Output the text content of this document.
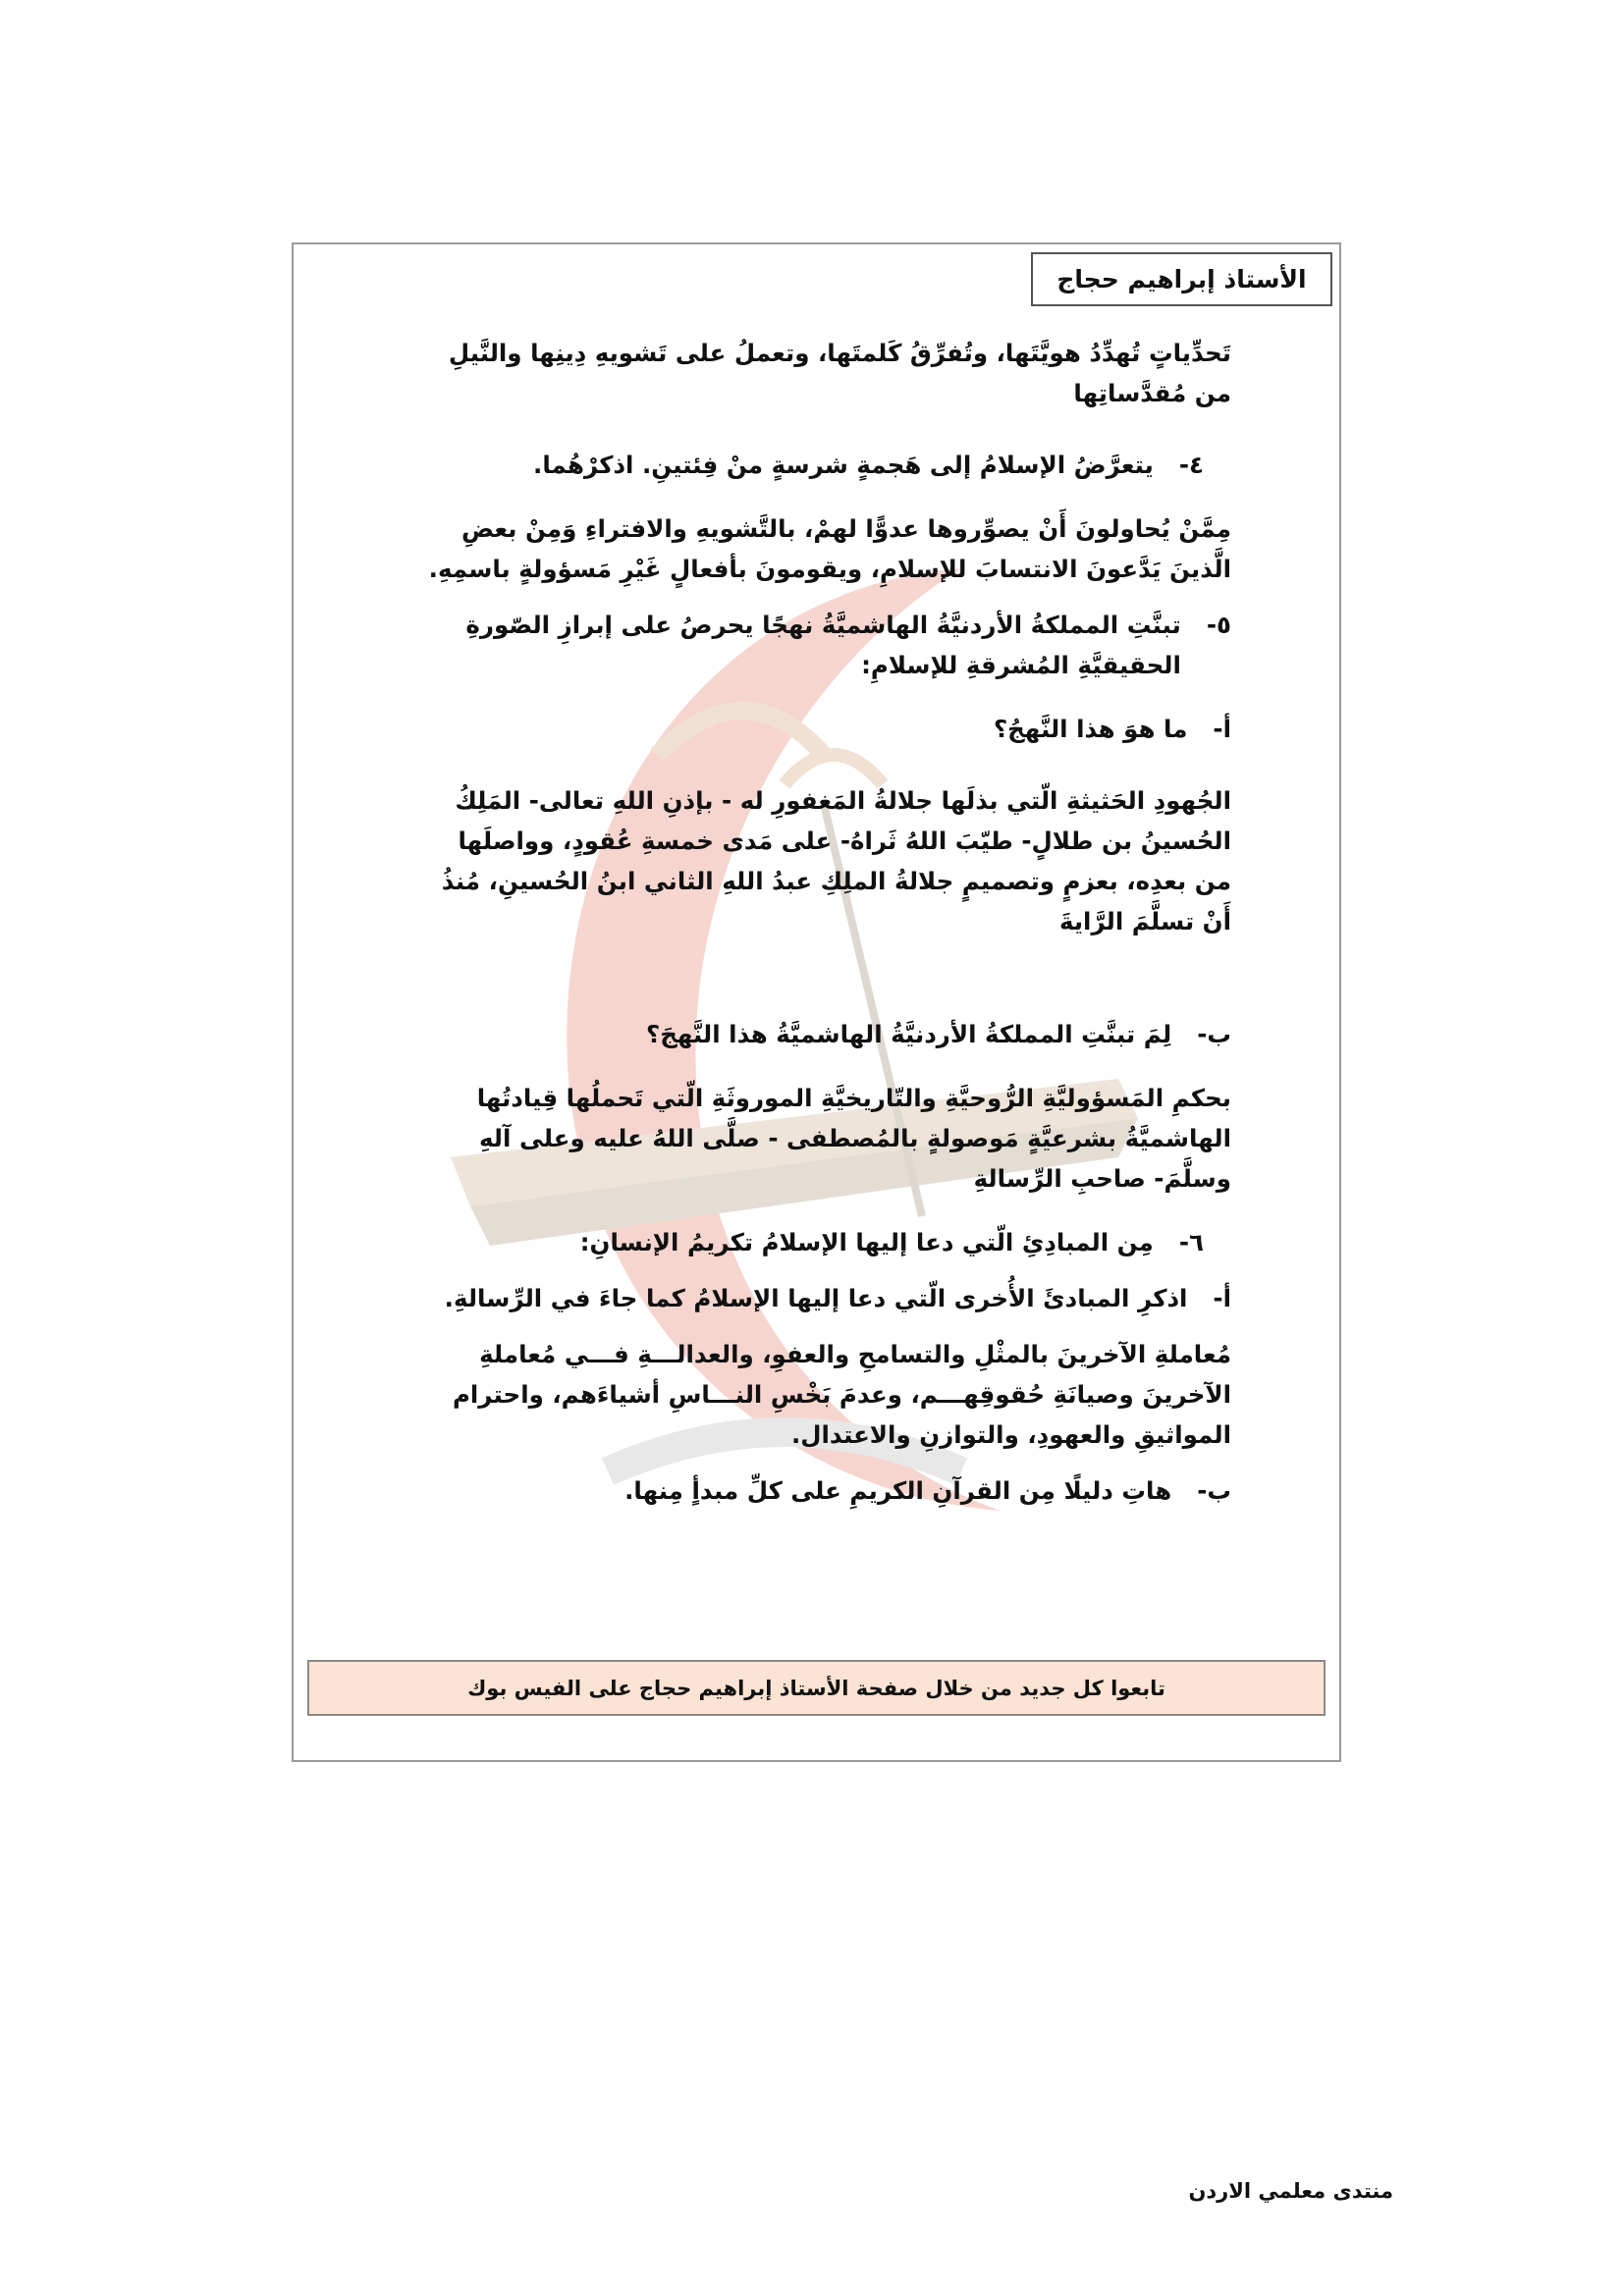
الأستاذ إبراهيم حجاج

تَحدِّياتٍ تُهدِّدُ هويَّتَها، وتُفرِّقُ كَلمتَها، وتعملُ على تَشويهِ دِينِها والنَّيلِ من مُقدَّساتِها

٤-
يتعرَّضُ الإسلامُ إلى هَجمةٍ شرسةٍ منْ فِئتينِ. اذكرْهُما.

مِمَّنْ يُحاولونَ أَنْ يصوِّروها عدوًّا لهمْ، بالتَّشويهِ والافتراءِ وَمِنْ بعضِ الَّذينَ يَدَّعونَ الانتسابَ للإسلامِ، ويقومونَ بأفعالٍ غَيْرِ مَسؤولةٍ باسمِهِ.

٥-
تبنَّتِ المملكةُ الأردنيَّةُ الهاشميَّةُ نهجًا يحرصُ على إبرازِ الصّورةِ الحقيقيَّةِ المُشرقةِ للإسلامِ:

أ-
ما هوَ هذا النَّهجُ؟

الجُهودِ الحَثيثةِ الّتي بذلَها جلالةُ المَغفورِ له - بإذنِ اللهِ تعالى- المَلِكُ الحُسينُ بن طلالٍ- طيّبَ اللهُ ثَراهُ- على مَدى خمسةِ عُقودٍ، وواصلَها من بعدِه، بعزمٍ وتصميمٍ جلالةُ الملِكِ عبدُ اللهِ الثاني ابنُ الحُسينِ، مُنذُ أَنْ تسلَّمَ الرَّايةَ

ب-
لِمَ تبنَّتِ المملكةُ الأردنيَّةُ الهاشميَّةُ هذا النَّهجَ؟

بحكمِ المَسؤوليَّةِ الرُّوحيَّةِ والتّاريخيَّةِ الموروثَةِ الّتي تَحملُها قِيادتُها الهاشميَّةُ بشرعيَّةٍ مَوصولةٍ بالمُصطفى - صلَّى اللهُ عليه وعلى آلهِ وسلَّمَ- صاحبِ الرِّسالةِ

٦-
مِن المبادِئِ الّتي دعا إليها الإسلامُ تكريمُ الإنسانِ:

أ-
اذكرِ المبادئَ الأُخرى الّتي دعا إليها الإسلامُ كما جاءَ في الرِّسالةِ.

مُعاملةِ الآخرينَ بالمثْلِ والتسامحِ والعفوِ، والعدالـــةِ فـــي مُعاملةِ الآخرينَ وصيانَةِ حُقوقِهـــم، وعدمَ بَخْسِ النـــاسِ أشياءَهم، واحترام المواثيقِ والعهودِ، والتوازنِ والاعتدال.

ب-
هاتِ دليلًا مِن القرآنِ الكريمِ على كلِّ مبدأٍ مِنها.

تابعوا كل جديد من خلال صفحة الأستاذ إبراهيم حجاج على الفيس بوك
منتدى معلمي الاردن
